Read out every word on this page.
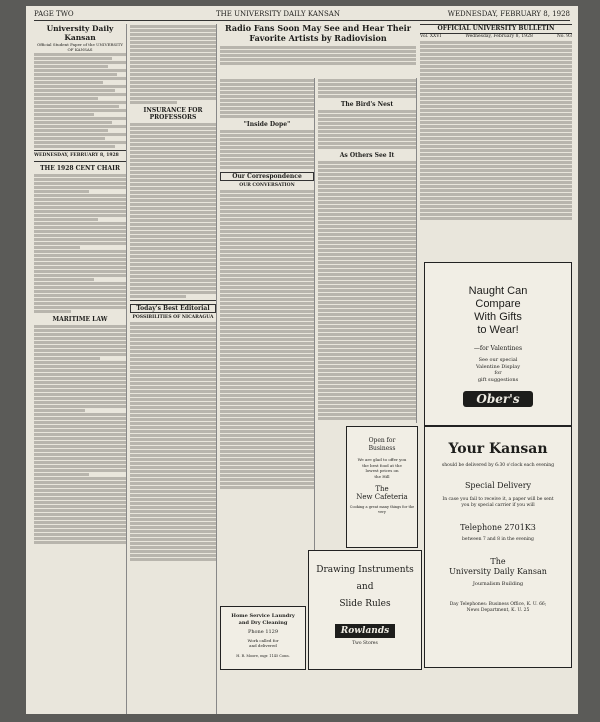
PAGE TWO	THE UNIVERSITY DAILY KANSAN	WEDNESDAY, FEBRUARY 8, 1928
University Daily Kansan
Official Student Paper of the UNIVERSITY OF KANSAS
WEDNESDAY, FEBRUARY 8, 1928
THE 1928 CENT CHAIR
MARITIME LAW
INSURANCE FOR PROFESSORS
Today's Best Editorial
POSSIBILITIES OF NICARAGUA
Radio Fans Soon May See and Hear Their Favorite Artists by Radiovision
"Inside Dope"
Our Correspondence
OUR CONVERSATION
The Bird's Nest
As Others See It
OFFICIAL UNIVERSITY BULLETIN
Vol. XXVI	Wednesday, February 8, 1928	No. 93
Naught Can
Compare
With Gifts
to Wear!
—for Valentines
See our special
Valentine Display
for
gift suggestions
Ober's
Open for
Business
We are glad to offer you
the best food at the
lowest prices on
the Hill
The
New Cafeteria
Cooking a great many things for the very
Your Kansan
should be delivered by 6:30 o'clock each evening
Special Delivery
In case you fail to receive it, a paper will be sent
you by special carrier if you will
Telephone 2701K3
between 7 and 8 in the evening
The
University Daily Kansan
Journalism Building
Day Telephones: Business Office, K. U. 66;
News Department, K. U. 25
Drawing Instruments
and
Slide Rules
Rowlands
Two Stores
Home Service Laundry
and Dry Cleaning
Phone 1129
Work called for
and delivered
H. R. Moore, mgr. 1145 Conn.
